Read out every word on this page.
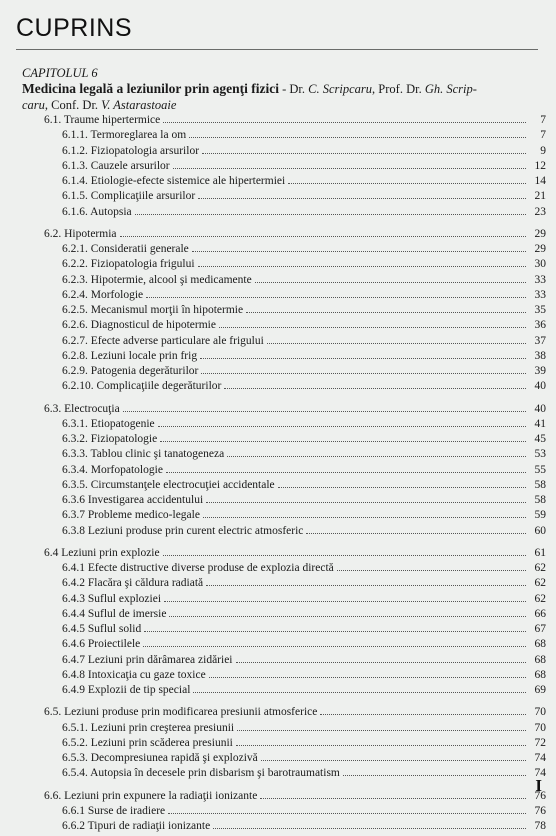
CUPRINS
CAPITOLUL 6
Medicina legală a leziunilor prin agenţi fizici - Dr. C. Scripcaru, Prof. Dr. Gh. Scrip-
caru, Conf. Dr. V. Astarastoaie
6.1. Traume hipertermice	7
6.1.1. Termoreglarea la om	7
6.1.2. Fiziopatologia arsurilor	9
6.1.3. Cauzele arsurilor	12
6.1.4. Etiologie-efecte sistemice ale hipertermiei	14
6.1.5. Complicaţiile arsurilor	21
6.1.6. Autopsia	23
6.2. Hipotermia	29
6.2.1. Consideratii generale	29
6.2.2. Fiziopatologia frigului	30
6.2.3. Hipotermie, alcool şi medicamente	33
6.2.4. Morfologie	33
6.2.5. Mecanismul morţii în hipotermie	35
6.2.6. Diagnosticul de hipotermie	36
6.2.7. Efecte adverse particulare ale frigului	37
6.2.8. Leziuni locale prin frig	38
6.2.9. Patogenia degerăturilor	39
6.2.10. Complicaţiile degerăturilor	40
6.3. Electrocuţia	40
6.3.1. Etiopatogenie	41
6.3.2. Fiziopatologie	45
6.3.3. Tablou clinic şi tanatogeneza	53
6.3.4. Morfopatologie	55
6.3.5. Circumstanţele electrocuţiei accidentale	58
6.3.6 Investigarea accidentului	58
6.3.7 Probleme medico-legale	59
6.3.8 Leziuni produse prin curent electric atmosferic	60
6.4 Leziuni prin explozie	61
6.4.1 Efecte distructive diverse produse de explozia directă	62
6.4.2 Flacăra şi căldura radiată	62
6.4.3 Suflul exploziei	62
6.4.4 Suflul de imersie	66
6.4.5 Suflul solid	67
6.4.6 Proiectilele	68
6.4.7 Leziuni prin dărâmarea zidăriei	68
6.4.8 Intoxicaţia cu gaze toxice	68
6.4.9 Explozii de tip special	69
6.5. Leziuni produse prin modificarea presiunii atmosferice	70
6.5.1. Leziuni prin creşterea presiunii	70
6.5.2. Leziuni prin scăderea presiunii	72
6.5.3. Decompresiunea rapidă şi explozivă	74
6.5.4. Autopsia în decesele prin disbarism şi barotraumatism	74
6.6. Leziuni prin expunere la radiaţii ionizante	76
6.6.1 Surse de iradiere	76
6.6.2 Tipuri de radiaţii ionizante	78
I
